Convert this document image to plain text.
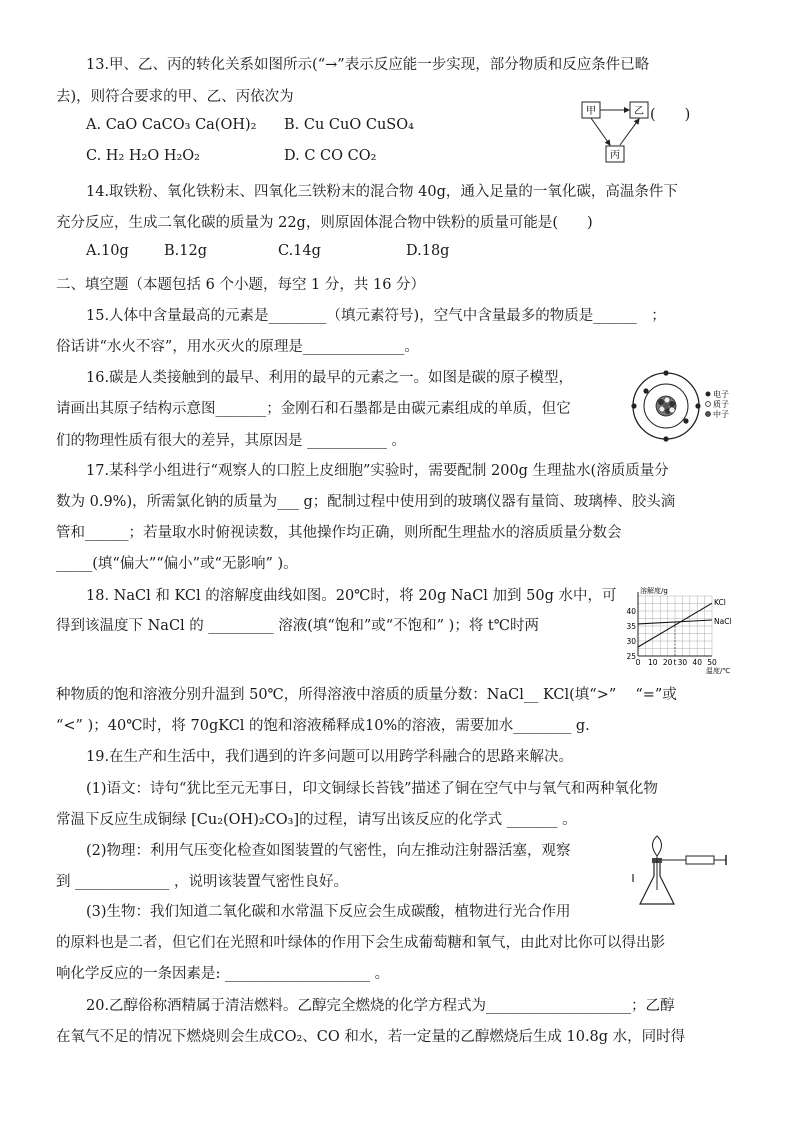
13.甲、乙、丙的转化关系如图所示(“→”表示反应能一步实现，部分物质和反应条件已略
去)，则符合要求的甲、乙、丙依次为
A. CaO CaCO₃ Ca(OH)₂ B. Cu CuO CuSO₄
C. H₂ H₂O H₂O₂	D. C CO CO₂
(　　)
甲	乙
丙
14.取铁粉、氧化铁粉末、四氧化三铁粉末的混合物 40g，通入足量的一氧化碳，高温条件下
充分反应，生成二氧化碳的质量为 22g，则原固体混合物中铁粉的质量可能是(　　)
A.10g B.12g	C.14g	D.18g
二、填空题（本题包括 6 个小题，每空 1 分，共 16 分）
15.人体中含量最高的元素是________（填元素符号)，空气中含量最多的物质是______　；
俗话讲“水火不容”，用水灭火的原理是______________。
16.碳是人类接触到的最早、利用的最早的元素之一。如图是碳的原子模型，
请画出其原子结构示意图_______；金刚石和石墨都是由碳元素组成的单质，但它
们的物理性质有很大的差异，其原因是 ___________ 。
电子
质子
中子
17.某科学小组进行“观察人的口腔上皮细胞”实验时，需要配制 200g 生理盐水(溶质质量分
数为 0.9%)，所需氯化钠的质量为___ g；配制过程中使用到的玻璃仪器有量筒、玻璃棒、胶头滴
管和______；若量取水时俯视读数，其他操作均正确，则所配生理盐水的溶质质量分数会
_____(填“偏大”“偏小”或“无影响” )。
18. NaCl 和 KCl 的溶解度曲线如图。20℃时，将 20g NaCl 加到 50g 水中，可
得到该温度下 NaCl 的 _________ 溶液(填“饱和”或“不饱和” )；将 t℃时两
种物质的饱和溶液分别升温到 50℃，所得溶液中溶质的质量分数：NaCl__ KCl(填“>”　 “=”或
“<” )；40℃时，将 70gKCl 的饱和溶液稀释成10%的溶液，需要加水________ g.
0 10 20 t 30 40 50
25
30
35
40
溶解度/g
温度/℃
KCl
NaCl
19.在生产和生活中，我们遇到的许多问题可以用跨学科融合的思路来解决。
(1)语文：诗句“犹比至元无事日，印文铜绿长苔钱”描述了铜在空气中与氧气和两种氧化物
常温下反应生成铜绿 [Cu₂(OH)₂CO₃]的过程，请写出该反应的化学式 _______ 。
(2)物理：利用气压变化检查如图装置的气密性，向左推动注射器活塞，观察
到 _____________ ，说明该装置气密性良好。
(3)生物：我们知道二氧化碳和水常温下反应会生成碳酸，植物进行光合作用
的原料也是二者，但它们在光照和叶绿体的作用下会生成葡萄糖和氧气，由此对比你可以得出影
响化学反应的一条因素是: ____________________ 。
20.乙醇俗称酒精属于清洁燃料。乙醇完全燃烧的化学方程式为____________________；乙醇
在氧气不足的情况下燃烧则会生成CO₂、CO 和水，若一定量的乙醇燃烧后生成 10.8g 水，同时得
